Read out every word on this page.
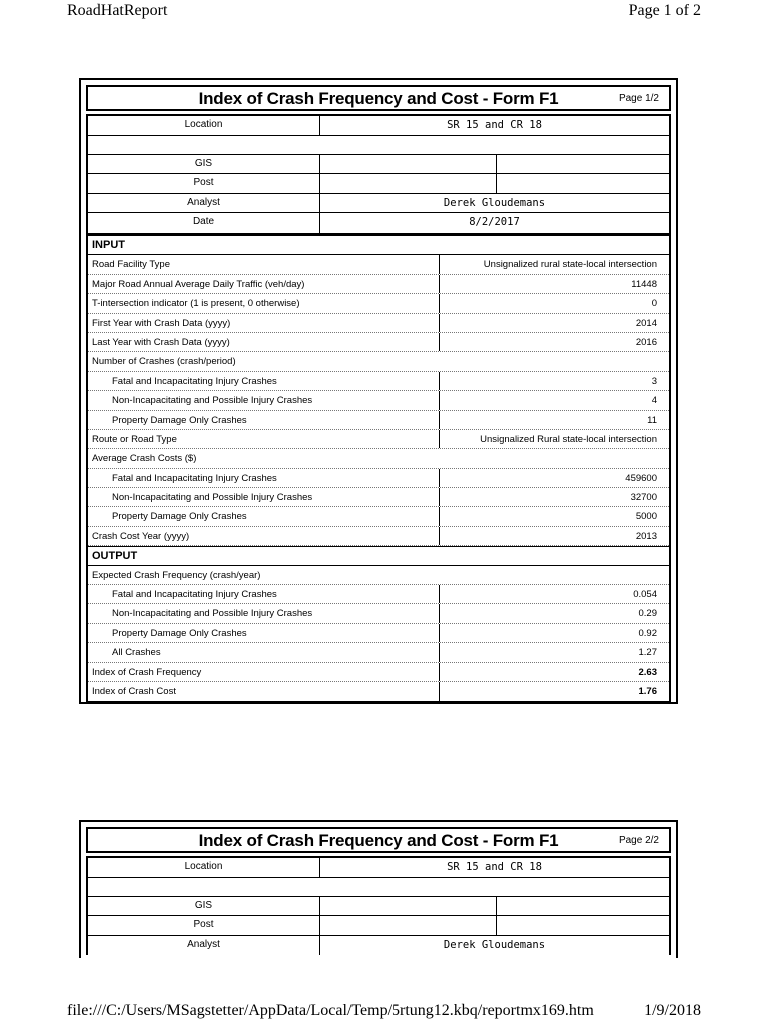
RoadHatReport	Page 1 of 2
Index of Crash Frequency and Cost - Form F1	Page 1/2
Location	SR 15 and CR 18
GIS
Post
Analyst	Derek Gloudemans
Date	8/2/2017
INPUT
Road Facility Type	Unsignalized rural state-local intersection
Major Road Annual Average Daily Traffic (veh/day)	11448
T-intersection indicator (1 is present, 0 otherwise)	0
First Year with Crash Data (yyyy)	2014
Last Year with Crash Data (yyyy)	2016
Number of Crashes (crash/period)
Fatal and Incapacitating Injury Crashes	3
Non-Incapacitating and Possible Injury Crashes	4
Property Damage Only Crashes	11
Route or Road Type	Unsignalized Rural state-local intersection
Average Crash Costs ($)
Fatal and Incapacitating Injury Crashes	459600
Non-Incapacitating and Possible Injury Crashes	32700
Property Damage Only Crashes	5000
Crash Cost Year (yyyy)	2013
OUTPUT
Expected Crash Frequency (crash/year)
Fatal and Incapacitating Injury Crashes	0.054
Non-Incapacitating and Possible Injury Crashes	0.29
Property Damage Only Crashes	0.92
All Crashes	1.27
Index of Crash Frequency	2.63
Index of Crash Cost	1.76
Index of Crash Frequency and Cost - Form F1	Page 2/2
Location	SR 15 and CR 18
GIS
Post
Analyst	Derek Gloudemans
file:///C:/Users/MSagstetter/AppData/Local/Temp/5rtung12.kbq/reportmx169.htm	1/9/2018
